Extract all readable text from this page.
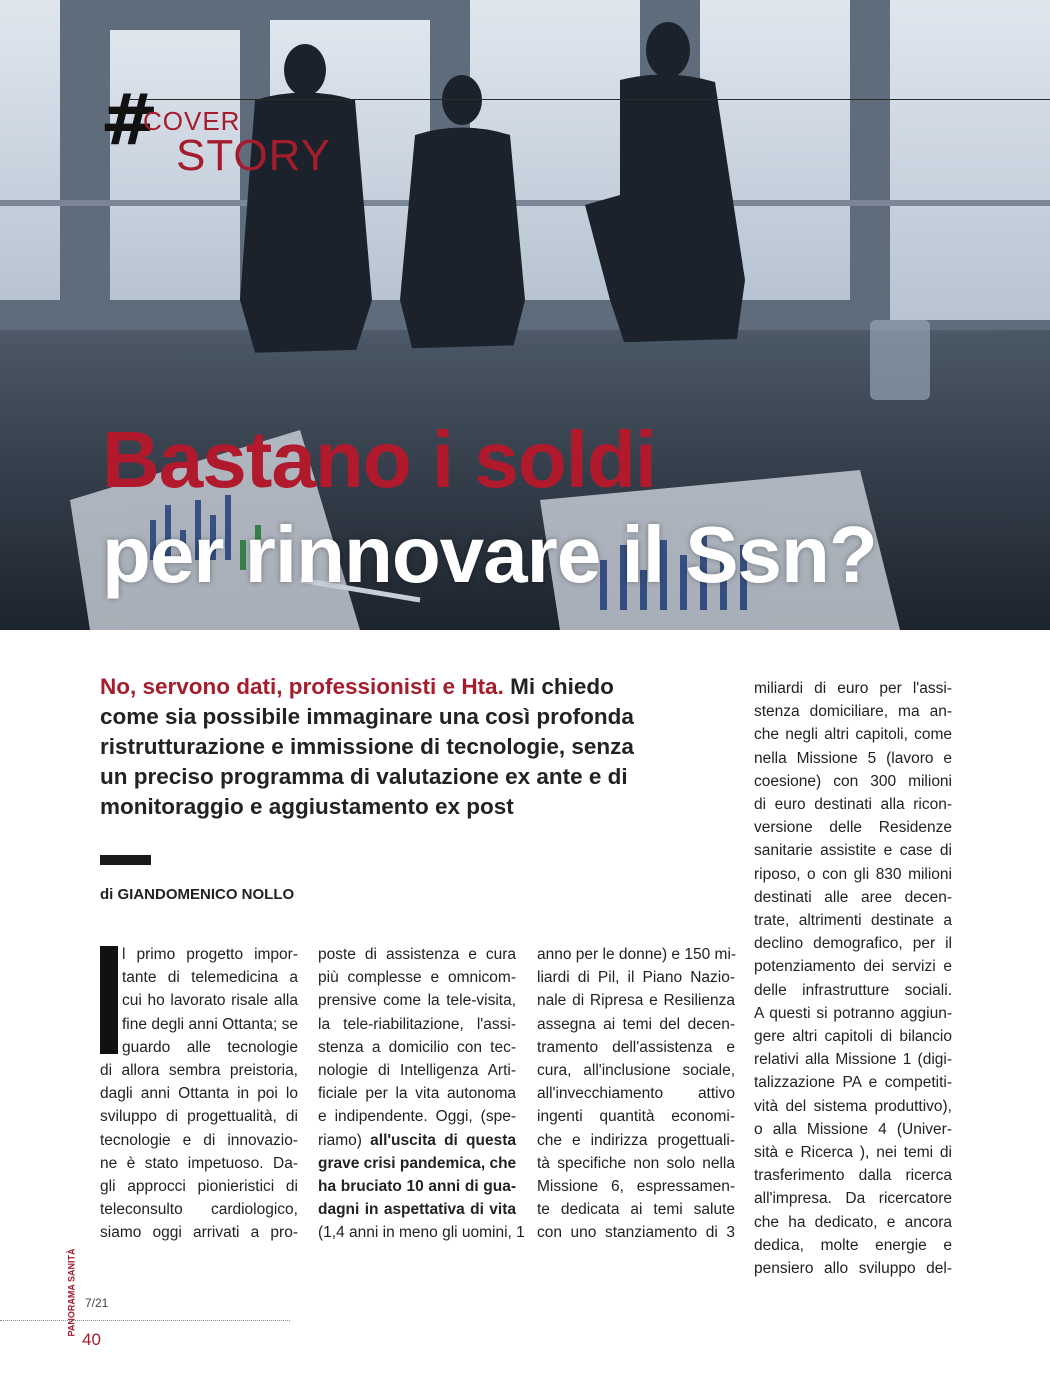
#
COVER
STORY
Bastano i soldi
per rinnovare il Ssn?

No, servono dati, professionisti e Hta. Mi chiedo come sia possibile immaginare una così profonda ristrutturazione e immissione di tecnologie, senza un preciso programma di valutazione ex ante e di monitoraggio e aggiustamento ex post

di GIANDOMENICO NOLLO
l primo progetto impor-
tante di telemedicina a
cui ho lavorato risale alla
fine degli anni Ottanta; se
guardo alle tecnologie
di allora sembra preistoria,
dagli anni Ottanta in poi lo
sviluppo di progettualità, di
tecnologie e di innovazio-
ne è stato impetuoso. Da-
gli approcci pionieristici di
teleconsulto cardiologico,
siamo oggi arrivati a pro-
poste di assistenza e cura
più complesse e omnicom-
prensive come la tele-visita,
la tele-riabilitazione, l'assi-
stenza a domicilio con tec-
nologie di Intelligenza Arti-
ficiale per la vita autonoma
e indipendente. Oggi, (spe-
riamo) all'uscita di questa
grave crisi pandemica, che
ha bruciato 10 anni di gua-
dagni in aspettativa di vita
(1,4 anni in meno gli uomini, 1
anno per le donne) e 150 mi-
liardi di Pil, il Piano Nazio-
nale di Ripresa e Resilienza
assegna ai temi del decen-
tramento dell'assistenza e
cura, all'inclusione sociale,
all'invecchiamento attivo
ingenti quantità economi-
che e indirizza progettuali-
tà specifiche non solo nella
Missione 6, espressamen-
te dedicata ai temi salute
con uno stanziamento di 3
miliardi di euro per l'assi-
stenza domiciliare, ma an-
che negli altri capitoli, come
nella Missione 5 (lavoro e
coesione) con 300 milioni
di euro destinati alla ricon-
versione delle Residenze
sanitarie assistite e case di
riposo, o con gli 830 milioni
destinati alle aree decen-
trate, altrimenti destinate a
declino demografico, per il
potenziamento dei servizi e
delle infrastrutture sociali.
A questi si potranno aggiun-
gere altri capitoli di bilancio
relativi alla Missione 1 (digi-
talizzazione PA e competiti-
vità del sistema produttivo),
o alla Missione 4 (Univer-
sità e Ricerca ), nei temi di
trasferimento dalla ricerca
all'impresa. Da ricercatore
che ha dedicato, e ancora
dedica, molte energie e
pensiero allo sviluppo del-
PANORAMA SANITÀ 7/21
40
